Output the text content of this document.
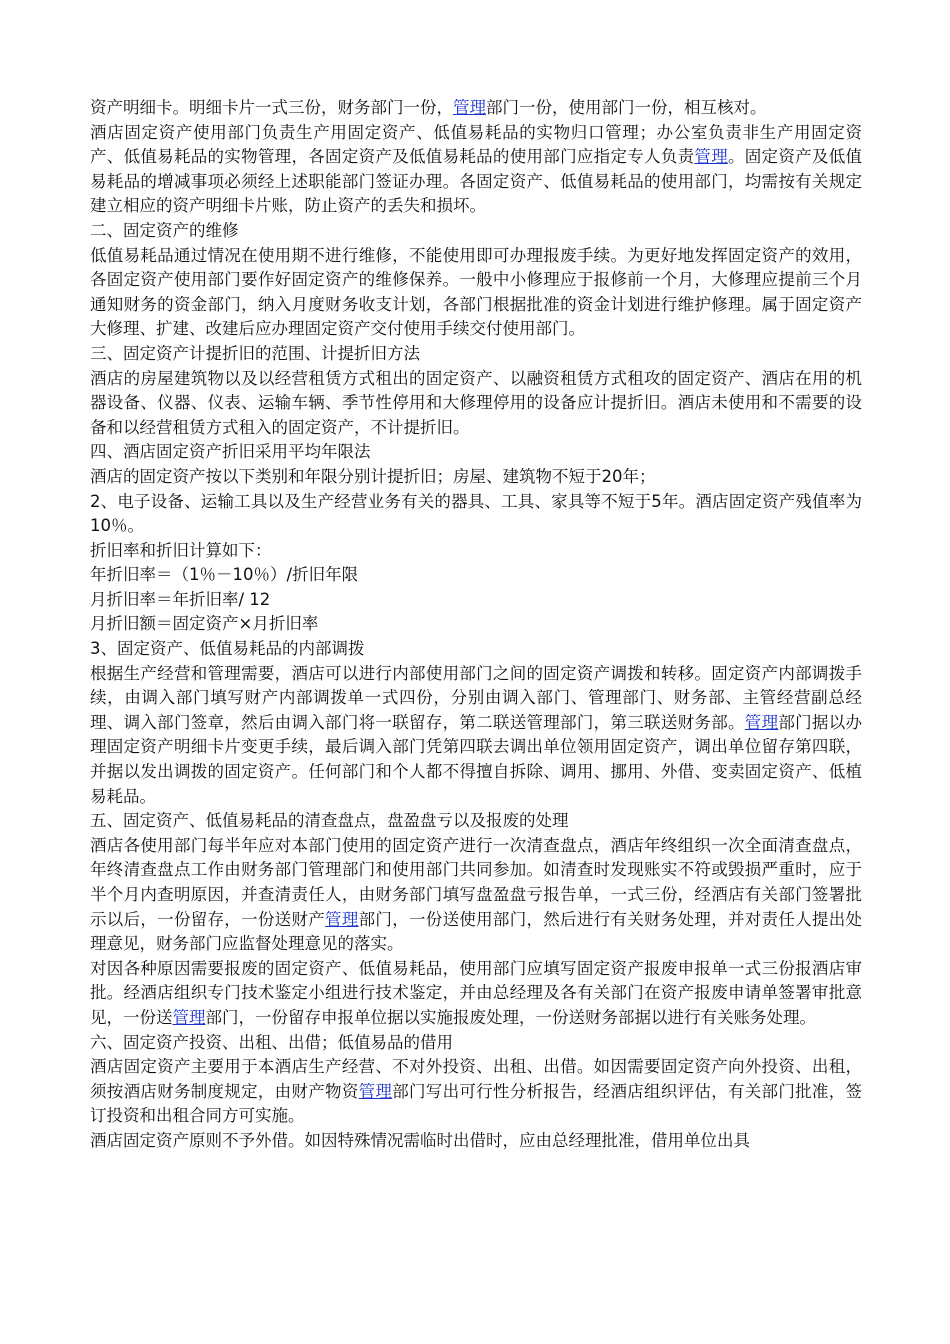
资产明细卡。明细卡片一式三份，财务部门一份，管理部门一份，使用部门一份，相互核对。

酒店固定资产使用部门负责生产用固定资产、低值易耗品的实物归口管理；办公室负责非生产用固定资产、低值易耗品的实物管理，各固定资产及低值易耗品的使用部门应指定专人负责管理。固定资产及低值易耗品的增减事项必须经上述职能部门签证办理。各固定资产、低值易耗品的使用部门，均需按有关规定建立相应的资产明细卡片账，防止资产的丢失和损坏。

二、固定资产的维修

低值易耗品通过情况在使用期不进行维修，不能使用即可办理报废手续。为更好地发挥固定资产的效用，各固定资产使用部门要作好固定资产的维修保养。一般中小修理应于报修前一个月，大修理应提前三个月通知财务的资金部门，纳入月度财务收支计划，各部门根据批准的资金计划进行维护修理。属于固定资产大修理、扩建、改建后应办理固定资产交付使用手续交付使用部门。

三、固定资产计提折旧的范围、计提折旧方法

酒店的房屋建筑物以及以经营租赁方式租出的固定资产、以融资租赁方式租攻的固定资产、酒店在用的机器设备、仪器、仪表、运输车辆、季节性停用和大修理停用的设备应计提折旧。酒店未使用和不需要的设备和以经营租赁方式租入的固定资产，不计提折旧。

四、酒店固定资产折旧采用平均年限法

酒店的固定资产按以下类别和年限分别计提折旧；房屋、建筑物不短于20年；

2、电子设备、运输工具以及生产经营业务有关的器具、工具、家具等不短于5年。酒店固定资产残值率为10％。

折旧率和折旧计算如下：

年折旧率＝（1％－10％）/折旧年限

月折旧率＝年折旧率/ 12

月折旧额＝固定资产×月折旧率

3、固定资产、低值易耗品的内部调拨

根据生产经营和管理需要，酒店可以进行内部使用部门之间的固定资产调拨和转移。固定资产内部调拨手续，由调入部门填写财产内部调拨单一式四份，分别由调入部门、管理部门、财务部、主管经营副总经理、调入部门签章，然后由调入部门将一联留存，第二联送管理部门，第三联送财务部。管理部门据以办理固定资产明细卡片变更手续，最后调入部门凭第四联去调出单位领用固定资产，调出单位留存第四联，并据以发出调拨的固定资产。任何部门和个人都不得擅自拆除、调用、挪用、外借、变卖固定资产、低植易耗品。

五、固定资产、低值易耗品的清查盘点，盘盈盘亏以及报废的处理

酒店各使用部门每半年应对本部门使用的固定资产进行一次清查盘点，酒店年终组织一次全面清查盘点，年终清查盘点工作由财务部门管理部门和使用部门共同参加。如清查时发现账实不符或毁损严重时，应于半个月内查明原因，并查清责任人，由财务部门填写盘盈盘亏报告单，一式三份，经酒店有关部门签署批示以后，一份留存，一份送财产管理部门，一份送使用部门，然后进行有关财务处理，并对责任人提出处理意见，财务部门应监督处理意见的落实。

对因各种原因需要报废的固定资产、低值易耗品，使用部门应填写固定资产报废申报单一式三份报酒店审批。经酒店组织专门技术鉴定小组进行技术鉴定，并由总经理及各有关部门在资产报废申请单签署审批意见，一份送管理部门，一份留存申报单位据以实施报废处理，一份送财务部据以进行有关账务处理。

六、固定资产投资、出租、出借；低值易品的借用

酒店固定资产主要用于本酒店生产经营、不对外投资、出租、出借。如因需要固定资产向外投资、出租，须按酒店财务制度规定，由财产物资管理部门写出可行性分析报告，经酒店组织评估，有关部门批准，签订投资和出租合同方可实施。

酒店固定资产原则不予外借。如因特殊情况需临时出借时，应由总经理批准，借用单位出具
